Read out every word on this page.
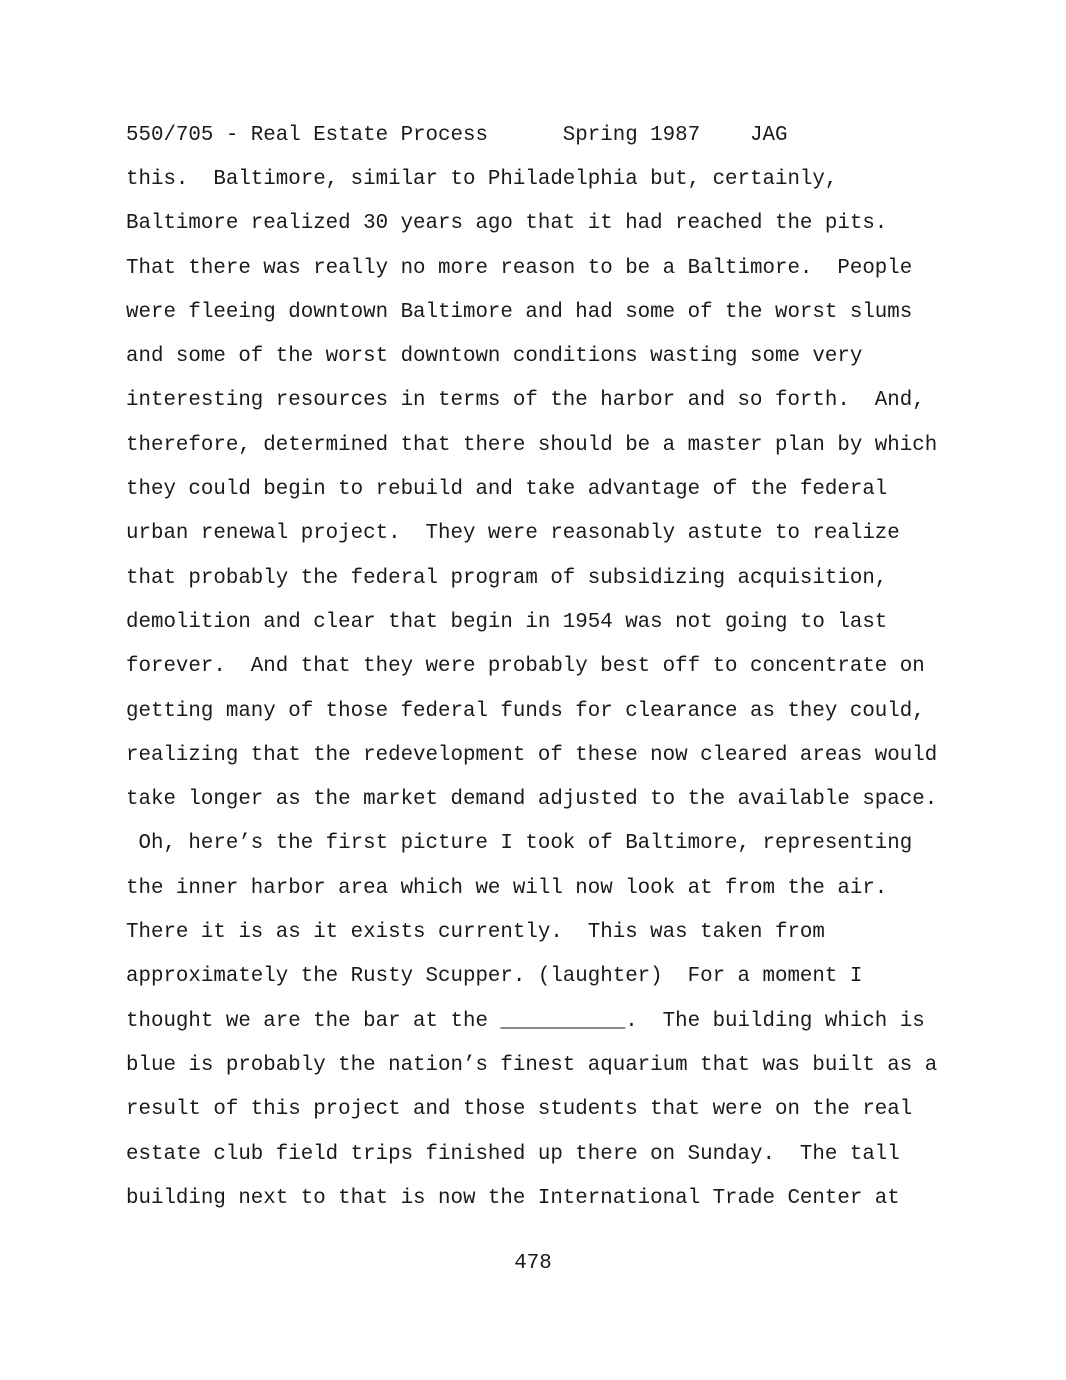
550/705 - Real Estate Process      Spring 1987    JAG
this.  Baltimore, similar to Philadelphia but, certainly,
Baltimore realized 30 years ago that it had reached the pits.
That there was really no more reason to be a Baltimore.  People
were fleeing downtown Baltimore and had some of the worst slums
and some of the worst downtown conditions wasting some very
interesting resources in terms of the harbor and so forth.  And,
therefore, determined that there should be a master plan by which
they could begin to rebuild and take advantage of the federal
urban renewal project.  They were reasonably astute to realize
that probably the federal program of subsidizing acquisition,
demolition and clear that begin in 1954 was not going to last
forever.  And that they were probably best off to concentrate on
getting many of those federal funds for clearance as they could,
realizing that the redevelopment of these now cleared areas would
take longer as the market demand adjusted to the available space.
Oh, here’s the first picture I took of Baltimore, representing
the inner harbor area which we will now look at from the air.
There it is as it exists currently.  This was taken from
approximately the Rusty Scupper. (laughter)  For a moment I
thought we are the bar at the __________.  The building which is
blue is probably the nation’s finest aquarium that was built as a
result of this project and those students that were on the real
estate club field trips finished up there on Sunday.  The tall
building next to that is now the International Trade Center at
478
